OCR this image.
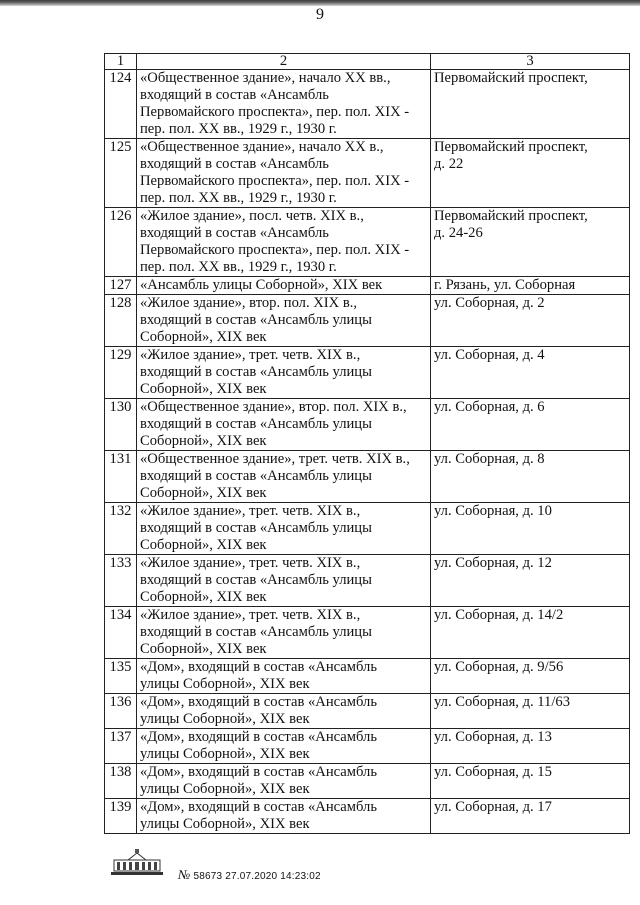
9
1	2	3
124	«Общественное здание», начало XX вв.,
входящий в состав «Ансамбль
Первомайского проспекта», пер. пол. XIX -
пер. пол. XX вв., 1929 г., 1930 г.	Первомайский проспект,
125	«Общественное здание», начало XX в.,
входящий в состав «Ансамбль
Первомайского проспекта», пер. пол. XIX -
пер. пол. XX вв., 1929 г., 1930 г.	Первомайский проспект,
д. 22
126	«Жилое здание», посл. четв. XIX в.,
входящий в состав «Ансамбль
Первомайского проспекта», пер. пол. XIX -
пер. пол. XX вв., 1929 г., 1930 г.	Первомайский проспект,
д. 24-26
127	«Ансамбль улицы Соборной», XIX век	г. Рязань, ул. Соборная
128	«Жилое здание», втор. пол. XIX в.,
входящий в состав «Ансамбль улицы
Соборной», XIX век	ул. Соборная, д. 2
129	«Жилое здание», трет. четв. XIX в.,
входящий в состав «Ансамбль улицы
Соборной», XIX век	ул. Соборная, д. 4
130	«Общественное здание», втор. пол. XIX в.,
входящий в состав «Ансамбль улицы
Соборной», XIX век	ул. Соборная, д. 6
131	«Общественное здание», трет. четв. XIX в.,
входящий в состав «Ансамбль улицы
Соборной», XIX век	ул. Соборная, д. 8
132	«Жилое здание», трет. четв. XIX в.,
входящий в состав «Ансамбль улицы
Соборной», XIX век	ул. Соборная, д. 10
133	«Жилое здание», трет. четв. XIX в.,
входящий в состав «Ансамбль улицы
Соборной», XIX век	ул. Соборная, д. 12
134	«Жилое здание», трет. четв. XIX в.,
входящий в состав «Ансамбль улицы
Соборной», XIX век	ул. Соборная, д. 14/2
135	«Дом», входящий в состав «Ансамбль
улицы Соборной», XIX век	ул. Соборная, д. 9/56
136	«Дом», входящий в состав «Ансамбль
улицы Соборной», XIX век	ул. Соборная, д. 11/63
137	«Дом», входящий в состав «Ансамбль
улицы Соборной», XIX век	ул. Соборная, д. 13
138	«Дом», входящий в состав «Ансамбль
улицы Соборной», XIX век	ул. Соборная, д. 15
139	«Дом», входящий в состав «Ансамбль
улицы Соборной», XIX век	ул. Соборная, д. 17
№ 58673 27.07.2020 14:23:02
